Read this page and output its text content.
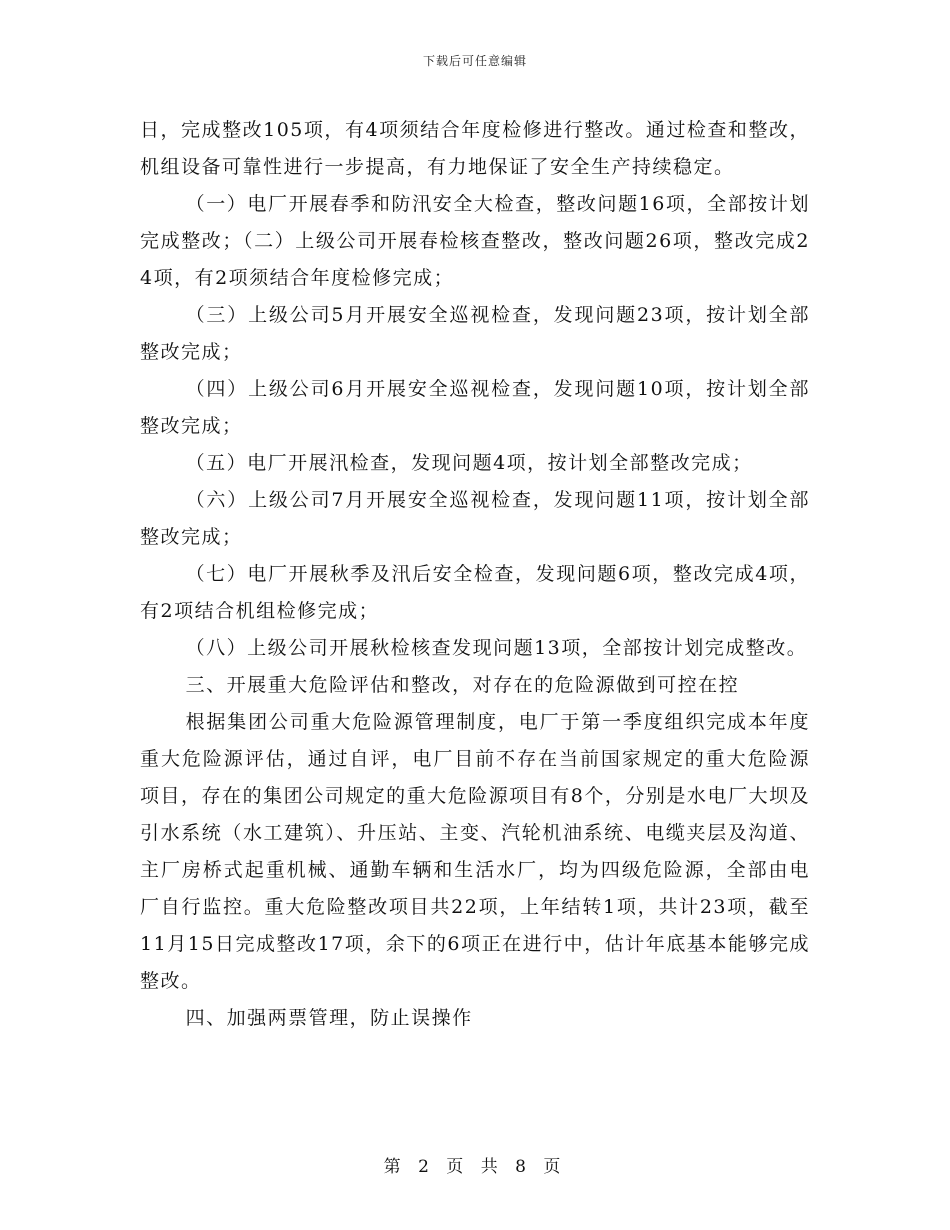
下载后可任意编辑

日，完成整改105项，有4项须结合年度检修进行整改。通过检查和整改，机组设备可靠性进行一步提高，有力地保证了安全生产持续稳定。

（一）电厂开展春季和防汛安全大检查，整改问题16项，全部按计划完成整改；（二）上级公司开展春检核查整改，整改问题26项，整改完成24项，有2项须结合年度检修完成；

（三）上级公司5月开展安全巡视检查，发现问题23项，按计划全部整改完成；

（四）上级公司6月开展安全巡视检查，发现问题10项，按计划全部整改完成；

（五）电厂开展汛检查，发现问题4项，按计划全部整改完成；

（六）上级公司7月开展安全巡视检查，发现问题11项，按计划全部整改完成；

（七）电厂开展秋季及汛后安全检查，发现问题6项，整改完成4项，有2项结合机组检修完成；

（八）上级公司开展秋检核查发现问题13项，全部按计划完成整改。

三、开展重大危险评估和整改，对存在的危险源做到可控在控

根据集团公司重大危险源管理制度，电厂于第一季度组织完成本年度重大危险源评估，通过自评，电厂目前不存在当前国家规定的重大危险源项目，存在的集团公司规定的重大危险源项目有8个，分别是水电厂大坝及引水系统（水工建筑）、升压站、主变、汽轮机油系统、电缆夹层及沟道、主厂房桥式起重机械、通勤车辆和生活水厂，均为四级危险源，全部由电厂自行监控。重大危险整改项目共22项，上年结转1项，共计23项，截至11月15日完成整改17项，余下的6项正在进行中，估计年底基本能够完成整改。

四、加强两票管理，防止误操作

第 2 页 共 8 页
